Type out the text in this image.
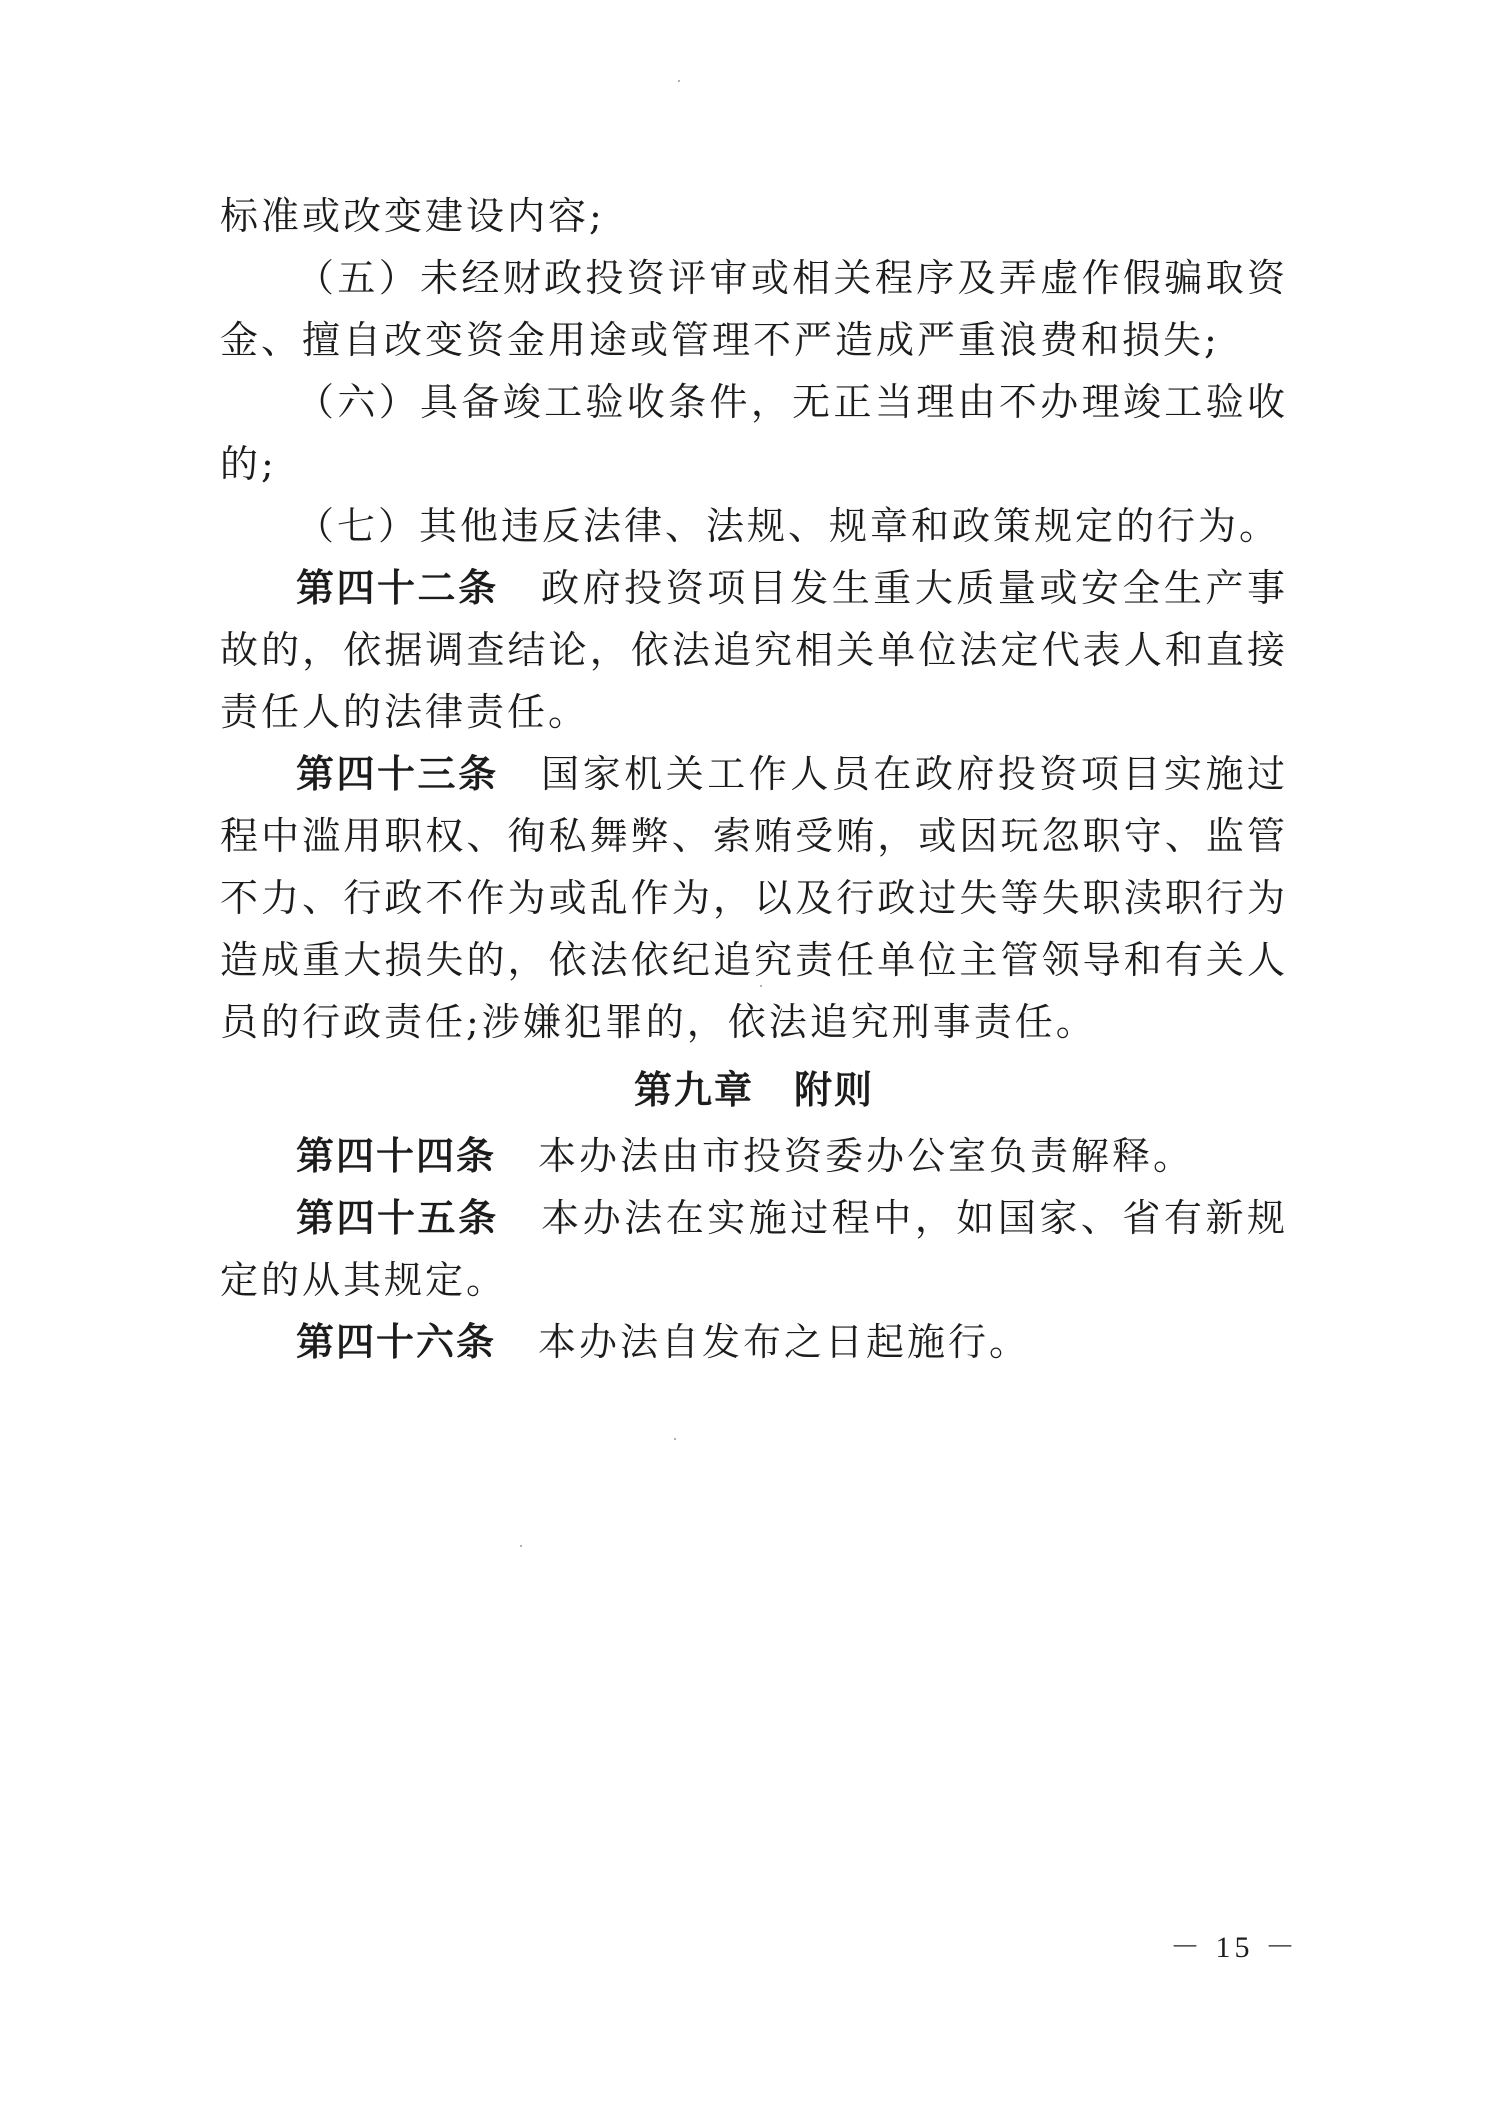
标准或改变建设内容;

（五）未经财政投资评审或相关程序及弄虚作假骗取资金、擅自改变资金用途或管理不严造成严重浪费和损失;

（六）具备竣工验收条件，无正当理由不办理竣工验收的;

（七）其他违反法律、法规、规章和政策规定的行为。

第四十二条 政府投资项目发生重大质量或安全生产事故的，依据调查结论，依法追究相关单位法定代表人和直接责任人的法律责任。

第四十三条 国家机关工作人员在政府投资项目实施过程中滥用职权、徇私舞弊、索贿受贿，或因玩忽职守、监管不力、行政不作为或乱作为，以及行政过失等失职渎职行为造成重大损失的，依法依纪追究责任单位主管领导和有关人员的行政责任;涉嫌犯罪的，依法追究刑事责任。

第九章　附则

第四十四条 本办法由市投资委办公室负责解释。

第四十五条 本办法在实施过程中，如国家、省有新规定的从其规定。

第四十六条 本办法自发布之日起施行。

－ 15 －
